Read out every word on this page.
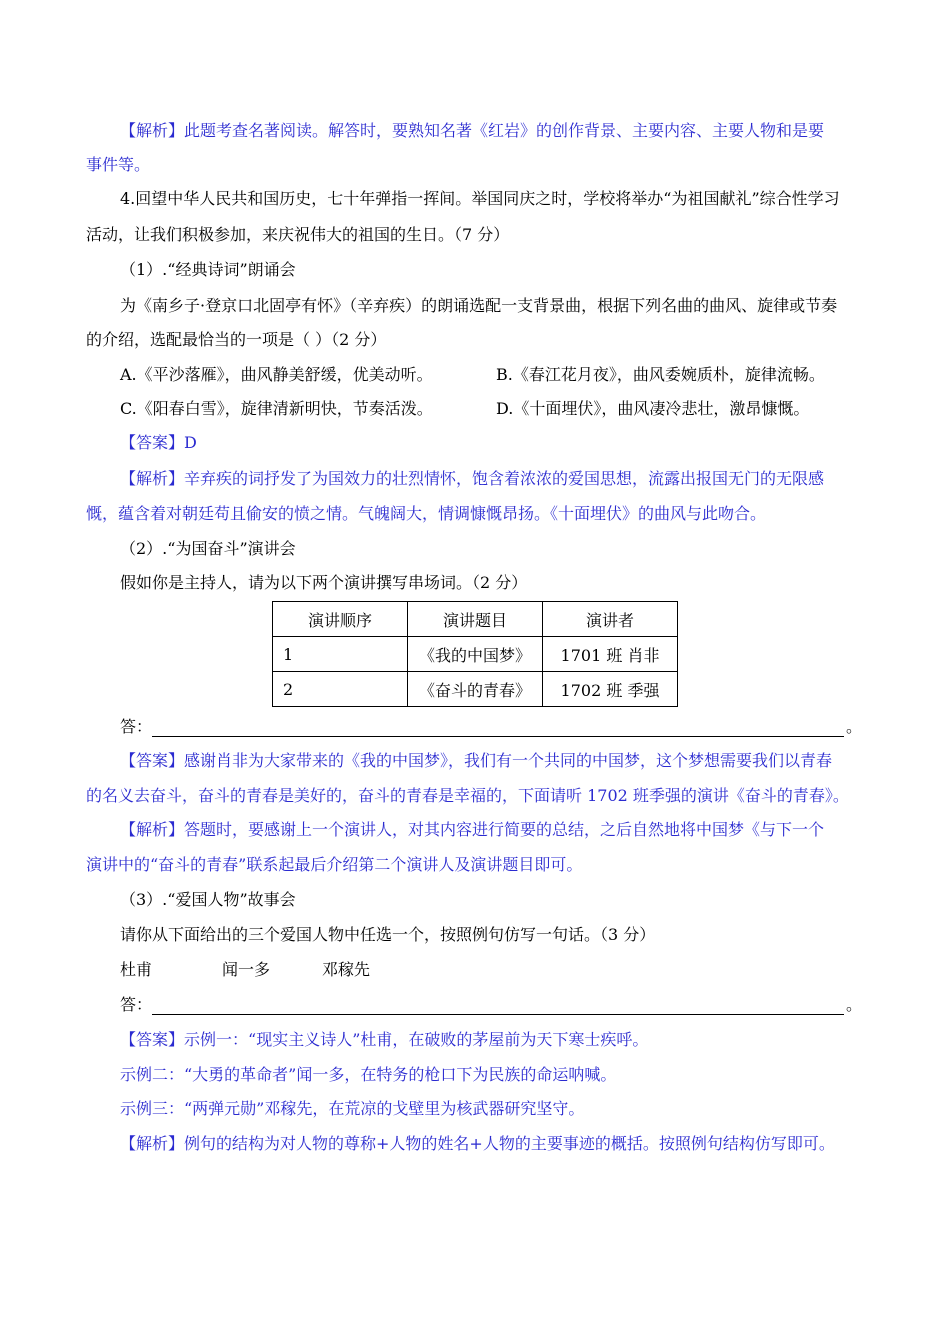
【解析】此题考查名著阅读。解答时，要熟知名著《红岩》的创作背景、主要内容、主要人物和是要
事件等。
4.回望中华人民共和国历史，七十年弹指一挥间。举国同庆之时，学校将举办“为祖国献礼”综合性学习
活动，让我们积极参加，来庆祝伟大的祖国的生日。（7 分）
（1）.“经典诗词”朗诵会
为《南乡子·登京口北固亭有怀》（辛弃疾）的朗诵选配一支背景曲，根据下列名曲的曲风、旋律或节奏
的介绍，选配最恰当的一项是（ ）（2 分）
A.《平沙落雁》，曲风静美舒缓，优美动听。	B.《春江花月夜》，曲风委婉质朴，旋律流畅。
C.《阳春白雪》，旋律清新明快，节奏活泼。	D.《十面埋伏》，曲风凄冷悲壮，激昂慷慨。
【答案】D
【解析】辛弃疾的词抒发了为国效力的壮烈情怀，饱含着浓浓的爱国思想，流露出报国无门的无限感
慨，蕴含着对朝廷苟且偷安的愤之情。气魄阔大，情调慷慨昂扬。《十面埋伏》的曲风与此吻合。
（2）.“为国奋斗”演讲会
假如你是主持人，请为以下两个演讲撰写串场词。（2 分）
演讲顺序	演讲题目	演讲者
1	《我的中国梦》	1701 班 肖非
2	《奋斗的青春》	1702 班 季强
答：	。
【答案】感谢肖非为大家带来的《我的中国梦》，我们有一个共同的中国梦，这个梦想需要我们以青春
的名义去奋斗，奋斗的青春是美好的，奋斗的青春是幸福的，下面请听 1702 班季强的演讲《奋斗的青春》。
【解析】答题时，要感谢上一个演讲人，对其内容进行简要的总结，之后自然地将中国梦《与下一个
演讲中的“奋斗的青春”联系起最后介绍第二个演讲人及演讲题目即可。
（3）.“爱国人物”故事会
请你从下面给出的三个爱国人物中任选一个，按照例句仿写一句话。（3 分）
杜甫	闻一多	邓稼先
答：	。
【答案】示例一：“现实主义诗人”杜甫，在破败的茅屋前为天下寒士疾呼。
示例二：“大勇的革命者”闻一多，在特务的枪口下为民族的命运呐喊。
示例三：“两弹元勋”邓稼先，在荒凉的戈壁里为核武器研究坚守。
【解析】例句的结构为对人物的尊称+人物的姓名+人物的主要事迹的概括。按照例句结构仿写即可。
